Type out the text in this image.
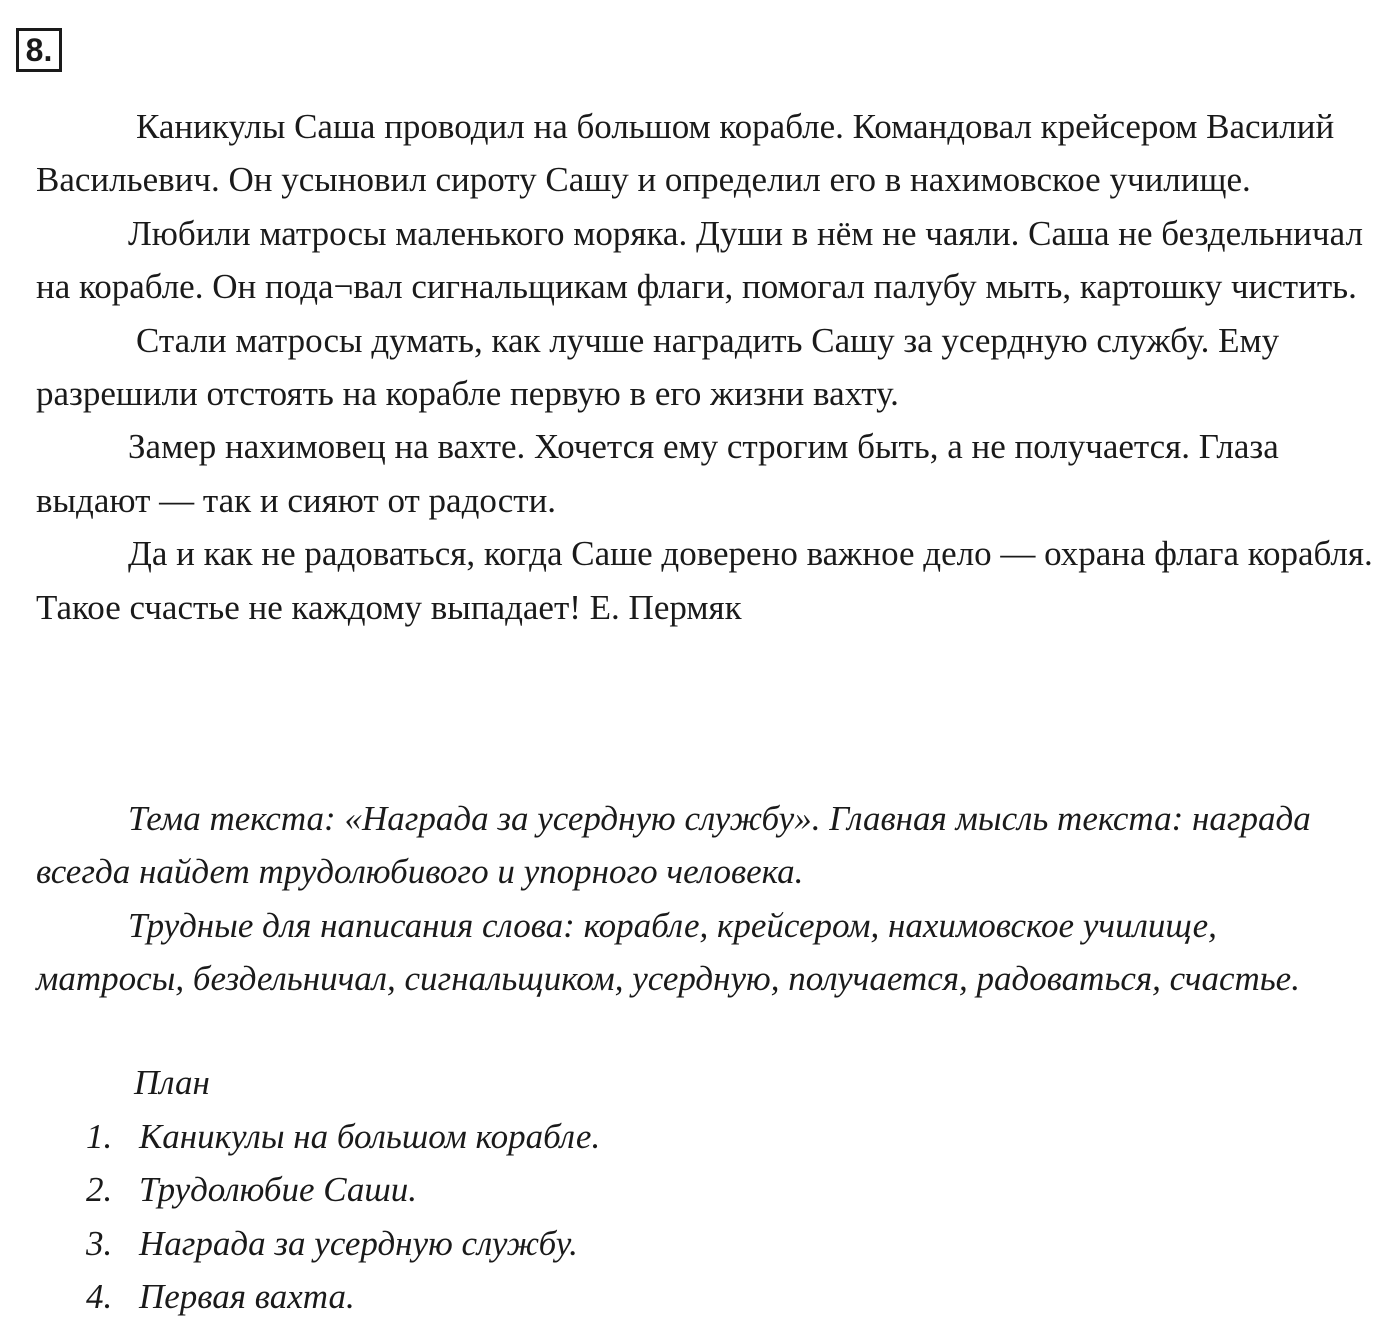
8.

Каникулы Саша проводил на большом корабле. Командовал крейсером Василий Васильевич. Он усыновил сироту Сашу и определил его в нахимовское училище.

Любили матросы маленького моряка. Души в нём не чаяли. Саша не бездельничал на корабле. Он пода¬вал сигнальщикам флаги, помогал палубу мыть, картошку чистить.

Стали матросы думать, как лучше наградить Сашу за усердную службу. Ему разрешили отстоять на корабле первую в его жизни вахту.

Замер нахимовец на вахте. Хочется ему строгим быть, а не получается. Глаза выдают — так и сияют от радости.

Да и как не радоваться, когда Саше доверено важное дело — охрана флага корабля. Такое счастье не каждому выпадает! Е. Пермяк

Тема текста: «Награда за усердную службу». Главная мысль текста: награда всегда найдет трудолюбивого и упорного человека.

Трудные для написания слова: корабле, крейсером, нахимовское училище, матросы, бездельничал, сигнальщиком, усердную, получается, радоваться, счастье.

План

1. Каникулы на большом корабле.
2. Трудолюбие Саши.
3. Награда за усердную службу.
4. Первая вахта.
